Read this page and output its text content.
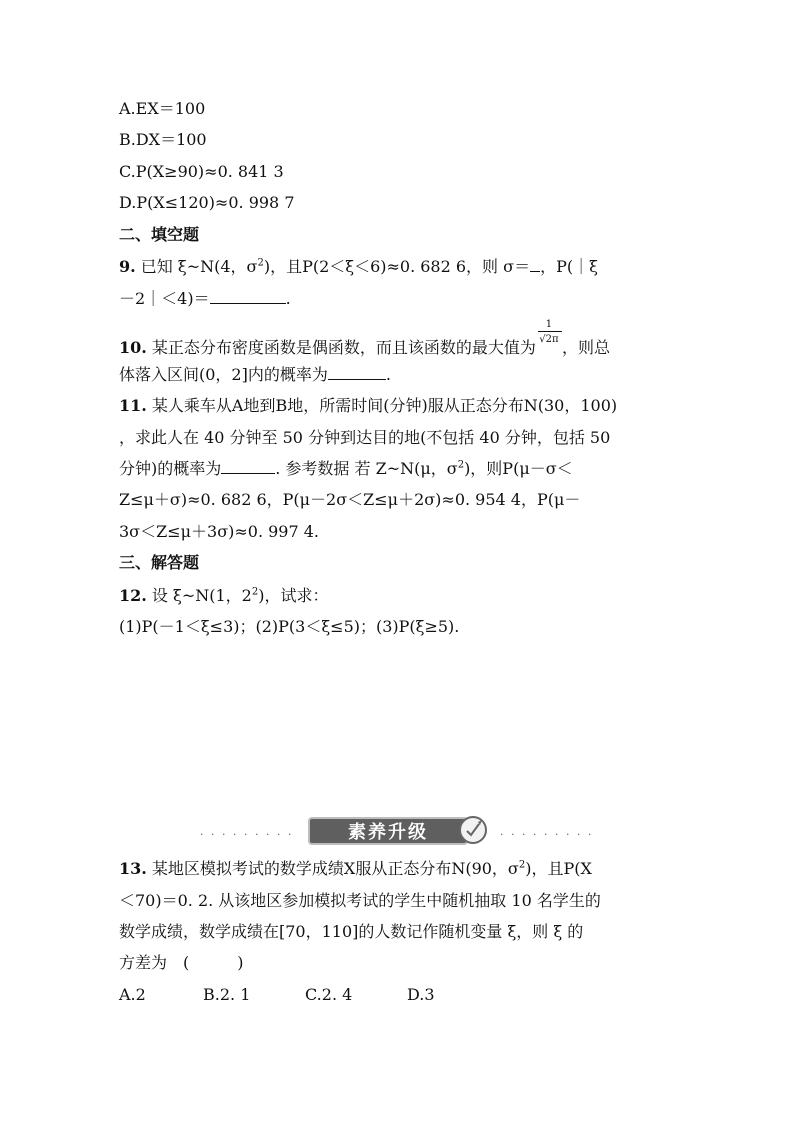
A.EX＝100
B.DX＝100
C.P(X≥90)≈0. 841 3
D.P(X≤120)≈0. 998 7
二、填空题
9. 已知 ξ~N(4，$\sigma^2$)，且P(2＜ξ＜6)≈0. 682 6，则 σ＝ ，P(｜ξ
－2｜＜4)＝	.
10. 某正态分布密度函数是偶函数，而且该函数的最大值为 $\frac{1}{√2\pi}$ ，则总
体落入区间(0，2]内的概率为	.
11. 某人乘车从A地到B地，所需时间(分钟)服从正态分布N(30，100)
，求此人在 40 分钟至 50 分钟到达目的地(不包括 40 分钟，包括 50
分钟)的概率为	. 参考数据 若 Z~N(μ，$\sigma^2$)，则P(μ－σ＜
Z≤μ＋σ)≈0. 682 6，P(μ－2σ＜Z≤μ＋2σ)≈0. 954 4，P(μ－
3σ＜Z≤μ＋3σ)≈0. 997 4.
三、解答题
12. 设 ξ~N(1，$2^2$)，试求：
(1)P(－1＜ξ≤3)；(2)P(3＜ξ≤5)；(3)P(ξ≥5).
· · · · · · · · ·	素养升级	· · · · · · · · ·
13. 某地区模拟考试的数学成绩X服从正态分布N(90，$\sigma^2$)，且P(X
＜70)＝0. 2. 从该地区参加模拟考试的学生中随机抽取 10 名学生的
数学成绩，数学成绩在[70，110]的人数记作随机变量 ξ，则 ξ 的
方差为　(　　　)
A.2	B.2. 1	C.2. 4	D.3
